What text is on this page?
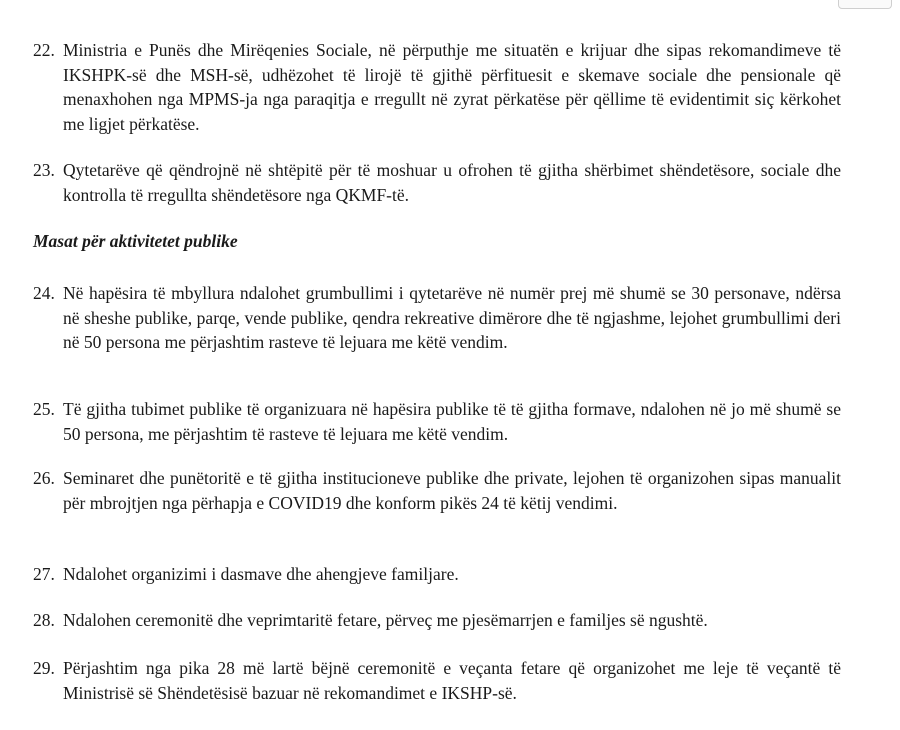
22. Ministria e Punës dhe Mirëqenies Sociale, në përputhje me situatën e krijuar dhe sipas rekomandimeve të IKSHPK-së dhe MSH-së, udhëzohet të lirojë të gjithë përfituesit e skemave sociale dhe pensionale që menaxhohen nga MPMS-ja nga paraqitja e rregullt në zyrat përkatëse për qëllime të evidentimit siç kërkohet me ligjet përkatëse.
23. Qytetarëve që qëndrojnë në shtëpitë për të moshuar u ofrohen të gjitha shërbimet shëndetësore, sociale dhe kontrolla të rregullta shëndetësore nga QKMF-të.
Masat për aktivitetet publike
24. Në hapësira të mbyllura ndalohet grumbullimi i qytetarëve në numër prej më shumë se 30 personave, ndërsa në sheshe publike, parqe, vende publike, qendra rekreative dimërore dhe të ngjashme, lejohet grumbullimi deri në 50 persona me përjashtim rasteve të lejuara me këtë vendim.
25. Të gjitha tubimet publike të organizuara në hapësira publike të të gjitha formave, ndalohen në jo më shumë se 50 persona, me përjashtim të rasteve të lejuara me këtë vendim.
26. Seminaret dhe punëtoritë e të gjitha institucioneve publike dhe private, lejohen të organizohen sipas manualit për mbrojtjen nga përhapja e COVID19 dhe konform pikës 24 të këtij vendimi.
27. Ndalohet organizimi i dasmave dhe ahengjeve familjare.
28. Ndalohen ceremonitë dhe veprimtaritë fetare, përveç me pjesëmarrjen e familjes së ngushtë.
29. Përjashtim nga pika 28 më lartë bëjnë ceremonitë e veçanta fetare që organizohet me leje të veçantë të Ministrisë së Shëndetësisë bazuar në rekomandimet e IKSHP-së.
